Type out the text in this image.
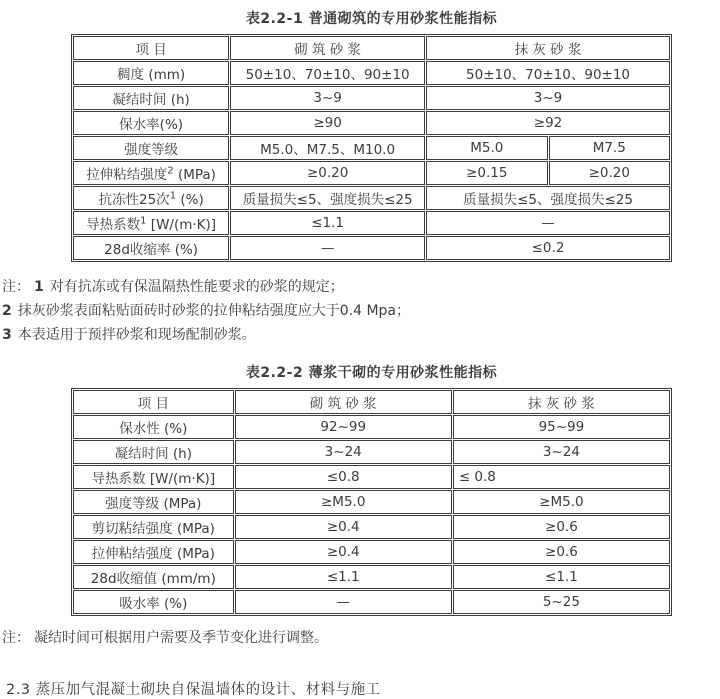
表2.2-1 普通砌筑的专用砂浆性能指标
项 目	砌 筑 砂 浆	抹 灰 砂 浆	
稠度 (mm)	50±10、70±10、90±10	50±10、70±10、90±10	
凝结时间 (h)	3~9	3~9	
保水率(%)	≥90	≥92	
强度等级	M5.0、M7.5、M10.0	M5.0	M7.5
拉伸粘结强度$^2$ (MPa)	≥0.20	≥0.15	≥0.20
抗冻性25次$^1$ (%)	质量损失≤5、强度损失≤25	质量损失≤5、强度损失≤25	
导热系数$^1$ [W/(m·K)]	≤1.1	—	
28d收缩率 (%)	—	≤0.2	
注： 1 对有抗冻或有保温隔热性能要求的砂浆的规定；
2 抹灰砂浆表面粘贴面砖时砂浆的拉伸粘结强度应大于0.4 Mpa；
3 本表适用于预拌砂浆和现场配制砂浆。
表2.2-2 薄浆干砌的专用砂浆性能指标
项 目	砌 筑 砂 浆	抹 灰 砂 浆
保水性 (%)	92~99	95~99
凝结时间 (h)	3~24	3~24
导热系数 [W/(m·K)]	≤0.8	≤ 0.8
强度等级 (MPa)	≥M5.0	≥M5.0
剪切粘结强度 (MPa)	≥0.4	≥0.6
拉伸粘结强度 (MPa)	≥0.4	≥0.6
28d收缩值 (mm/m)	≤1.1	≤1.1
吸水率 (%)	—	5~25
注： 凝结时间可根据用户需要及季节变化进行调整。
2.3 蒸压加气混凝土砌块自保温墙体的设计、材料与施工
